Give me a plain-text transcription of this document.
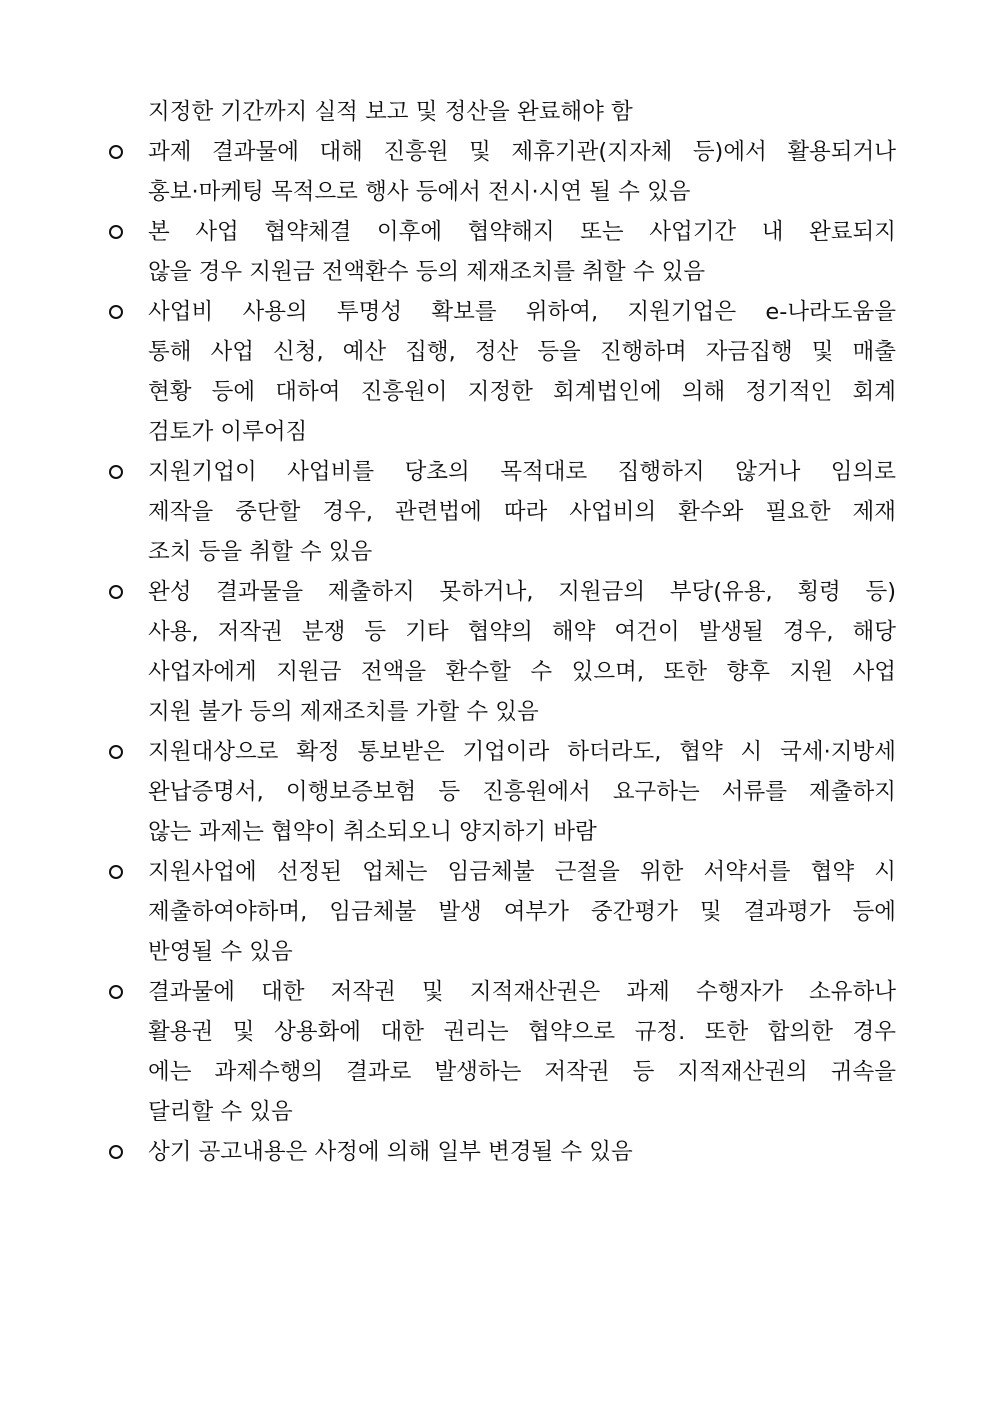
지정한 기간까지 실적 보고 및 정산을 완료해야 함
과제 결과물에 대해 진흥원 및 제휴기관(지자체 등)에서 활용되거나
홍보·마케팅 목적으로 행사 등에서 전시·시연 될 수 있음
본 사업 협약체결 이후에 협약해지 또는 사업기간 내 완료되지
않을 경우 지원금 전액환수 등의 제재조치를 취할 수 있음
사업비 사용의 투명성 확보를 위하여, 지원기업은 e-나라도움을
통해 사업 신청, 예산 집행, 정산 등을 진행하며 자금집행 및 매출
현황 등에 대하여 진흥원이 지정한 회계법인에 의해 정기적인 회계
검토가 이루어짐
지원기업이 사업비를 당초의 목적대로 집행하지 않거나 임의로
제작을 중단할 경우, 관련법에 따라 사업비의 환수와 필요한 제재
조치 등을 취할 수 있음
완성 결과물을 제출하지 못하거나, 지원금의 부당(유용, 횡령 등)
사용, 저작권 분쟁 등 기타 협약의 해약 여건이 발생될 경우, 해당
사업자에게 지원금 전액을 환수할 수 있으며, 또한 향후 지원 사업
지원 불가 등의 제재조치를 가할 수 있음
지원대상으로 확정 통보받은 기업이라 하더라도, 협약 시 국세·지방세
완납증명서, 이행보증보험 등 진흥원에서 요구하는 서류를 제출하지
않는 과제는 협약이 취소되오니 양지하기 바람
지원사업에 선정된 업체는 임금체불 근절을 위한 서약서를 협약 시
제출하여야하며, 임금체불 발생 여부가 중간평가 및 결과평가 등에
반영될 수 있음
결과물에 대한 저작권 및 지적재산권은 과제 수행자가 소유하나
활용권 및 상용화에 대한 권리는 협약으로 규정. 또한 합의한 경우
에는 과제수행의 결과로 발생하는 저작권 등 지적재산권의 귀속을
달리할 수 있음
상기 공고내용은 사정에 의해 일부 변경될 수 있음
